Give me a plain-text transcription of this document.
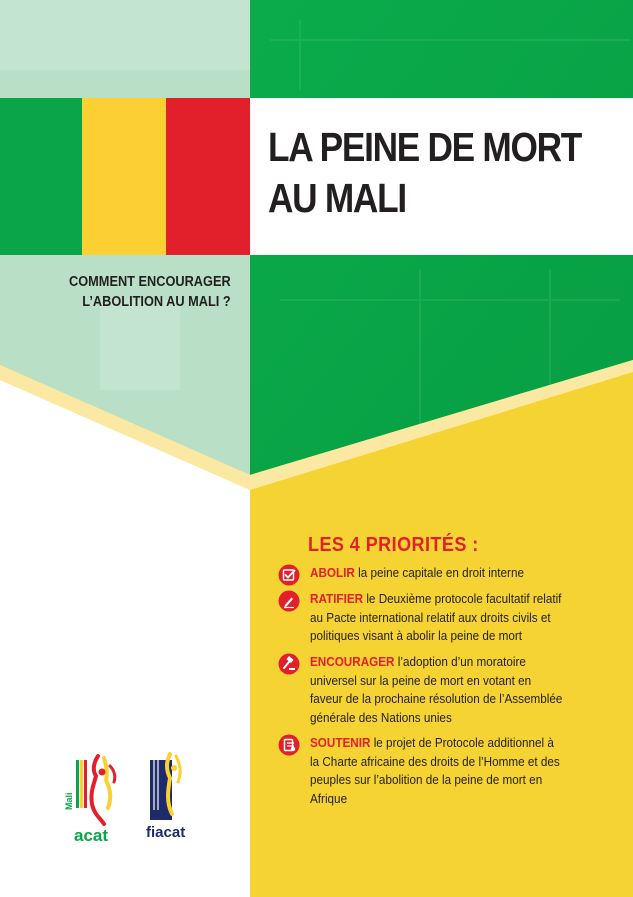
LA PEINE DE MORT
AU MALI
COMMENT ENCOURAGER
L’ABOLITION AU MALI ?
LES 4 PRIORITÉS :
ABOLIR la peine capitale en droit interne
RATIFIER le Deuxième protocole facultatif relatif
au Pacte international relatif aux droits civils et
politiques visant à abolir la peine de mort
ENCOURAGER l’adoption d’un moratoire
universel sur la peine de mort en votant en
faveur de la prochaine résolution de l’Assemblée
générale des Nations unies
SOUTENIR le projet de Protocole additionnel à
la Charte africaine des droits de l’Homme et des
peuples sur l’abolition de la peine de mort en
Afrique
Mali
acat	fiacat
